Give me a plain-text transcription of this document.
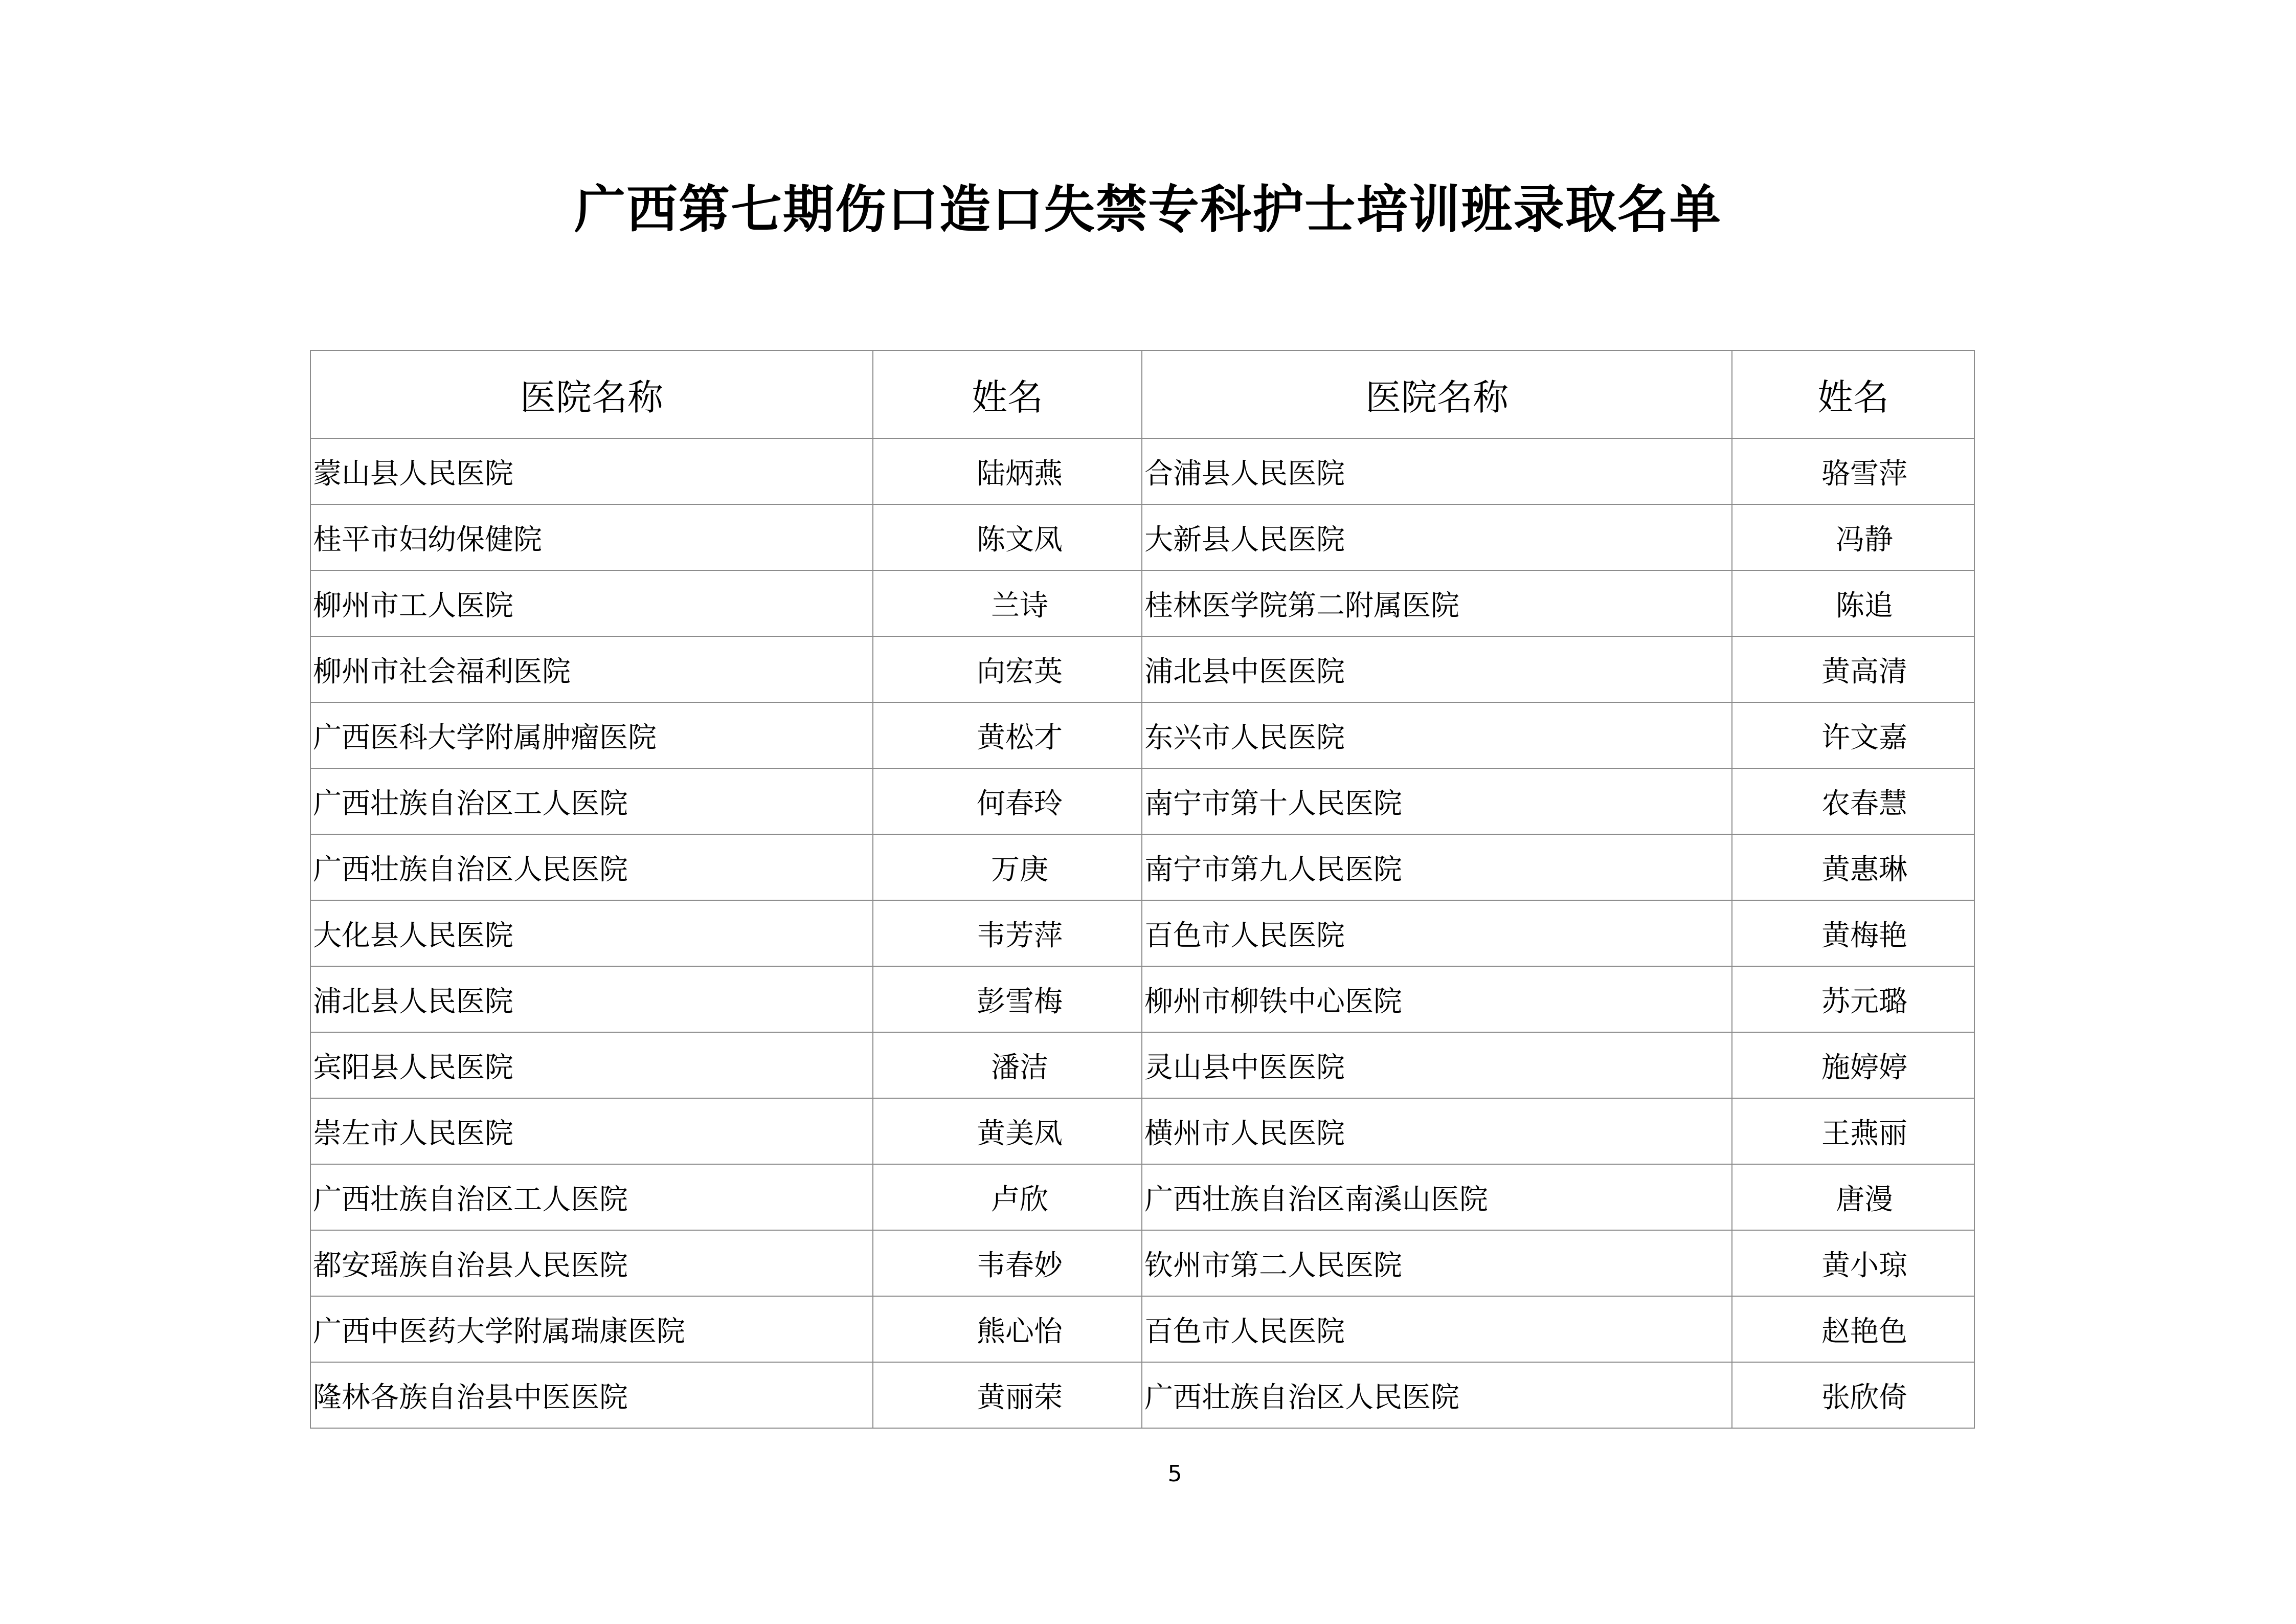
广西第七期伤口造口失禁专科护士培训班录取名单
医院名称	姓名	医院名称	姓名
蒙山县人民医院	陆炳燕	合浦县人民医院	骆雪萍
桂平市妇幼保健院	陈文凤	大新县人民医院	冯静
柳州市工人医院	兰诗	桂林医学院第二附属医院	陈追
柳州市社会福利医院	向宏英	浦北县中医医院	黄高清
广西医科大学附属肿瘤医院	黄松才	东兴市人民医院	许文嘉
广西壮族自治区工人医院	何春玲	南宁市第十人民医院	农春慧
广西壮族自治区人民医院	万庚	南宁市第九人民医院	黄惠琳
大化县人民医院	韦芳萍	百色市人民医院	黄梅艳
浦北县人民医院	彭雪梅	柳州市柳铁中心医院	苏元璐
宾阳县人民医院	潘洁	灵山县中医医院	施婷婷
崇左市人民医院	黄美凤	横州市人民医院	王燕丽
广西壮族自治区工人医院	卢欣	广西壮族自治区南溪山医院	唐漫
都安瑶族自治县人民医院	韦春妙	钦州市第二人民医院	黄小琼
广西中医药大学附属瑞康医院	熊心怡	百色市人民医院	赵艳色
隆林各族自治县中医医院	黄丽荣	广西壮族自治区人民医院	张欣倚
5
